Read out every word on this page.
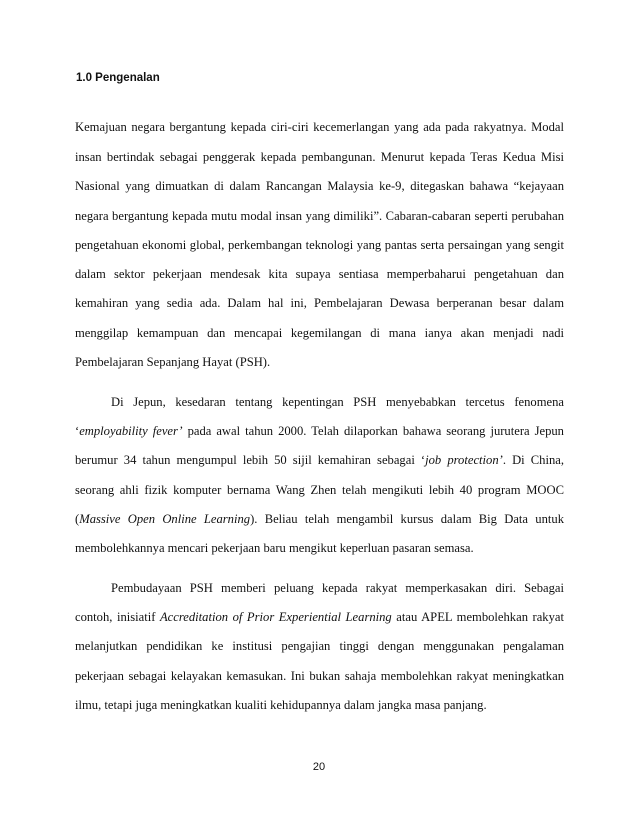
1.0 Pengenalan
Kemajuan negara bergantung kepada ciri-ciri kecemerlangan yang ada pada rakyatnya. Modal
insan bertindak sebagai penggerak kepada pembangunan. Menurut kepada Teras Kedua Misi
Nasional yang dimuatkan di dalam Rancangan Malaysia ke-9, ditegaskan bahawa “kejayaan
negara bergantung kepada mutu modal insan yang dimiliki”. Cabaran-cabaran seperti perubahan
pengetahuan ekonomi global, perkembangan teknologi yang pantas serta persaingan yang sengit
dalam sektor pekerjaan mendesak kita supaya sentiasa memperbaharui pengetahuan dan
kemahiran yang sedia ada. Dalam hal ini, Pembelajaran Dewasa berperanan besar dalam
menggilap kemampuan dan mencapai kegemilangan di mana ianya akan menjadi nadi
Pembelajaran Sepanjang Hayat (PSH).
Di Jepun, kesedaran tentang kepentingan PSH menyebabkan tercetus fenomena
‘employability fever’ pada awal tahun 2000. Telah dilaporkan bahawa seorang jurutera Jepun
berumur 34 tahun mengumpul lebih 50 sijil kemahiran sebagai ‘job protection’. Di China,
seorang ahli fizik komputer bernama Wang Zhen telah mengikuti lebih 40 program MOOC
(Massive Open Online Learning). Beliau telah mengambil kursus dalam Big Data untuk
membolehkannya mencari pekerjaan baru mengikut keperluan pasaran semasa.
Pembudayaan PSH memberi peluang kepada rakyat memperkasakan diri. Sebagai
contoh, inisiatif Accreditation of Prior Experiential Learning atau APEL membolehkan rakyat
melanjutkan pendidikan ke institusi pengajian tinggi dengan menggunakan pengalaman
pekerjaan sebagai kelayakan kemasukan. Ini bukan sahaja membolehkan rakyat meningkatkan
ilmu, tetapi juga meningkatkan kualiti kehidupannya dalam jangka masa panjang.
20
